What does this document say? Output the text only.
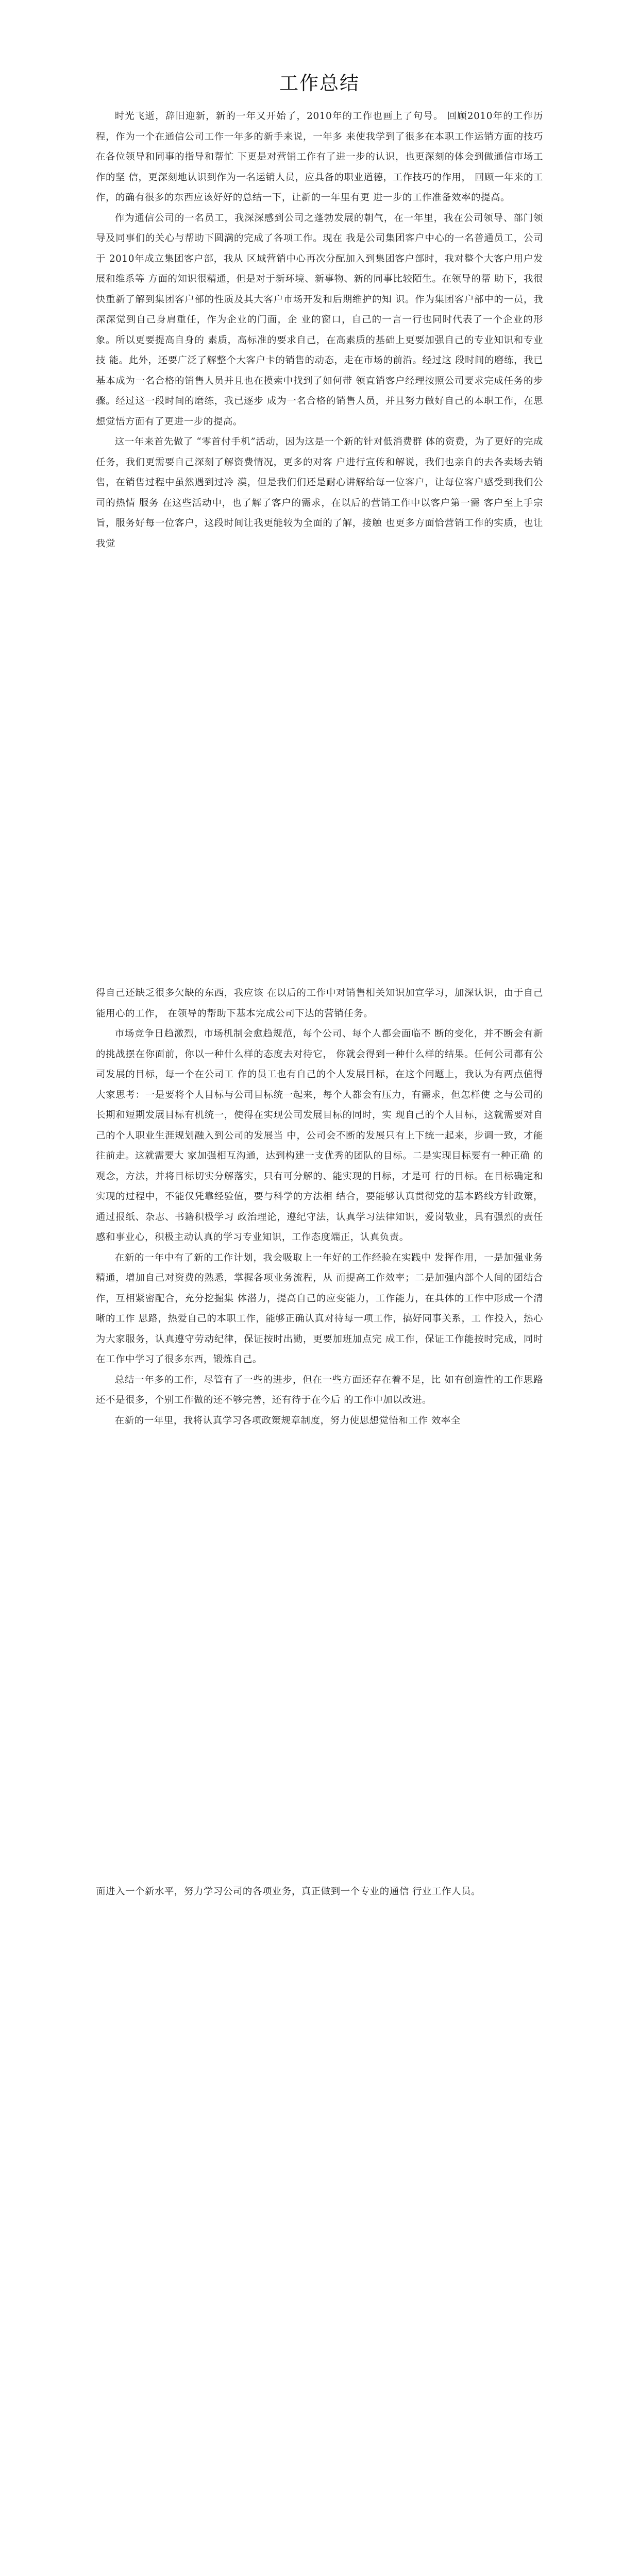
工作总结

时光飞逝，辞旧迎新，新的一年又开始了，2010年的工作也画上了句号。 回顾2010年的工作历程，作为一个在通信公司工作一年多的新手来说，一年多 来使我学到了很多在本职工作运销方面的技巧在各位领导和同事的指导和帮忙 下更是对营销工作有了进一步的认识，也更深刻的体会到做通信市场工作的坚 信，更深刻地认识到作为一名运销人员，应具备的职业道德，工作技巧的作用， 回顾一年来的工作，的确有很多的东西应该好好的总结一下，让新的一年里有更 进一步的工作准备效率的提高。

作为通信公司的一名员工，我深深感到公司之蓬勃发展的朝气，在一年里，我在公司领导、部门领导及同事们的关心与帮助下圆满的完成了各项工作。现在 我是公司集团客户中心的一名普通员工，公司于 2010年成立集团客户部，我从 区域营销中心再次分配加入到集团客户部时，我对整个大客户用户发展和维系等 方面的知识很精通，但是对于新环境、新事物、新的同事比较陌生。在领导的帮 助下，我很快重新了解到集团客户部的性质及其大客户市场开发和后期维护的知 识。作为集团客户部中的一员，我深深觉到自己身肩重任，作为企业的门面，企 业的窗口，自己的一言一行也同时代表了一个企业的形象。所以更要提高自身的 素质，高标准的要求自己，在高素质的基础上更要加强自己的专业知识和专业技 能。此外，还要广泛了解整个大客户卡的销售的动态，走在市场的前沿。经过这 段时间的磨练，我已基本成为一名合格的销售人员并且也在摸索中找到了如何带 领直销客户经理按照公司要求完成任务的步骤。经过这一段时间的磨练，我已逐步 成为一名合格的销售人员，并且努力做好自己的本职工作，在思想觉悟方面有了更进一步的提高。

这一年来首先做了 “零首付手机”活动，因为这是一个新的针对低消费群 体的资费，为了更好的完成任务，我们更需要自己深刻了解资费情况，更多的对客 户进行宣传和解说，我们也亲自的去各卖场去销售，在销售过程中虽然遇到过冷 漠，但是我们们还是耐心讲解给每一位客户，让每位客户感受到我们公司的热情 服务 在这些活动中，也了解了客户的需求，在以后的营销工作中以客户第一需 客户至上手宗旨，服务好每一位客户，这段时间让我更能较为全面的了解，接触 也更多方面恰营销工作的实质，也让我觉

得自己还缺乏很多欠缺的东西，我应该 在以后的工作中对销售相关知识加宣学习，加深认识，由于自己能用心的工作， 在领导的帮助下基本完成公司下达的营销任务。

市场竞争日趋激烈，市场机制会愈趋规范，每个公司、每个人都会面临不 断的变化，并不断会有新的挑战摆在你面前，你以一种什么样的态度去对待它， 你就会得到一种什么样的结果。任何公司都有公司发展的目标，每一个在公司工 作的员工也有自己的个人发展目标，在这个问题上，我认为有两点值得大家思考：一是要将个人目标与公司目标统一起来，每个人都会有压力，有需求，但怎样使 之与公司的长期和短期发展目标有机统一，使得在实现公司发展目标的同时，实 现自己的个人目标，这就需要对自己的个人职业生涯规划融入到公司的发展当 中，公司会不断的发展只有上下统一起来，步调一致，才能往前走。这就需要大 家加强相互沟通，达到构建一支优秀的团队的目标。二是实现目标要有一种正确 的观念，方法，并将目标切实分解落实，只有可分解的、能实现的目标，才是可 行的目标。在目标确定和实现的过程中，不能仅凭靠经验值，要与科学的方法相 结合，要能够认真贯彻党的基本路线方针政策，通过报纸、杂志、书籍积极学习 政治理论，遵纪守法，认真学习法律知识，爱岗敬业，具有强烈的责任感和事业心，积极主动认真的学习专业知识，工作态度端正，认真负责。

在新的一年中有了新的工作计划，我会吸取上一年好的工作经验在实践中 发挥作用，一是加强业务精通，增加自己对资费的熟悉，掌握各项业务流程，从 而提高工作效率；二是加强内部个人间的团结合作，互相紧密配合，充分挖掘集 体潜力，提高自己的应变能力，工作能力，在具体的工作中形成一个清晰的工作 思路，热爱自己的本职工作，能够正确认真对待每一项工作，搞好同事关系，工 作投入，热心为大家服务，认真遵守劳动纪律，保证按时出勤，更要加班加点完 成工作，保证工作能按时完成，同时在工作中学习了很多东西，锻炼自己。

总结一年多的工作，尽管有了一些的进步，但在一些方面还存在着不足，比 如有创造性的工作思路还不是很多，个别工作做的还不够完善，还有待于在今后 的工作中加以改进。

在新的一年里，我将认真学习各项政策规章制度，努力使思想觉悟和工作 效率全

面进入一个新水平，努力学习公司的各项业务，真正做到一个专业的通信 行业工作人员。
